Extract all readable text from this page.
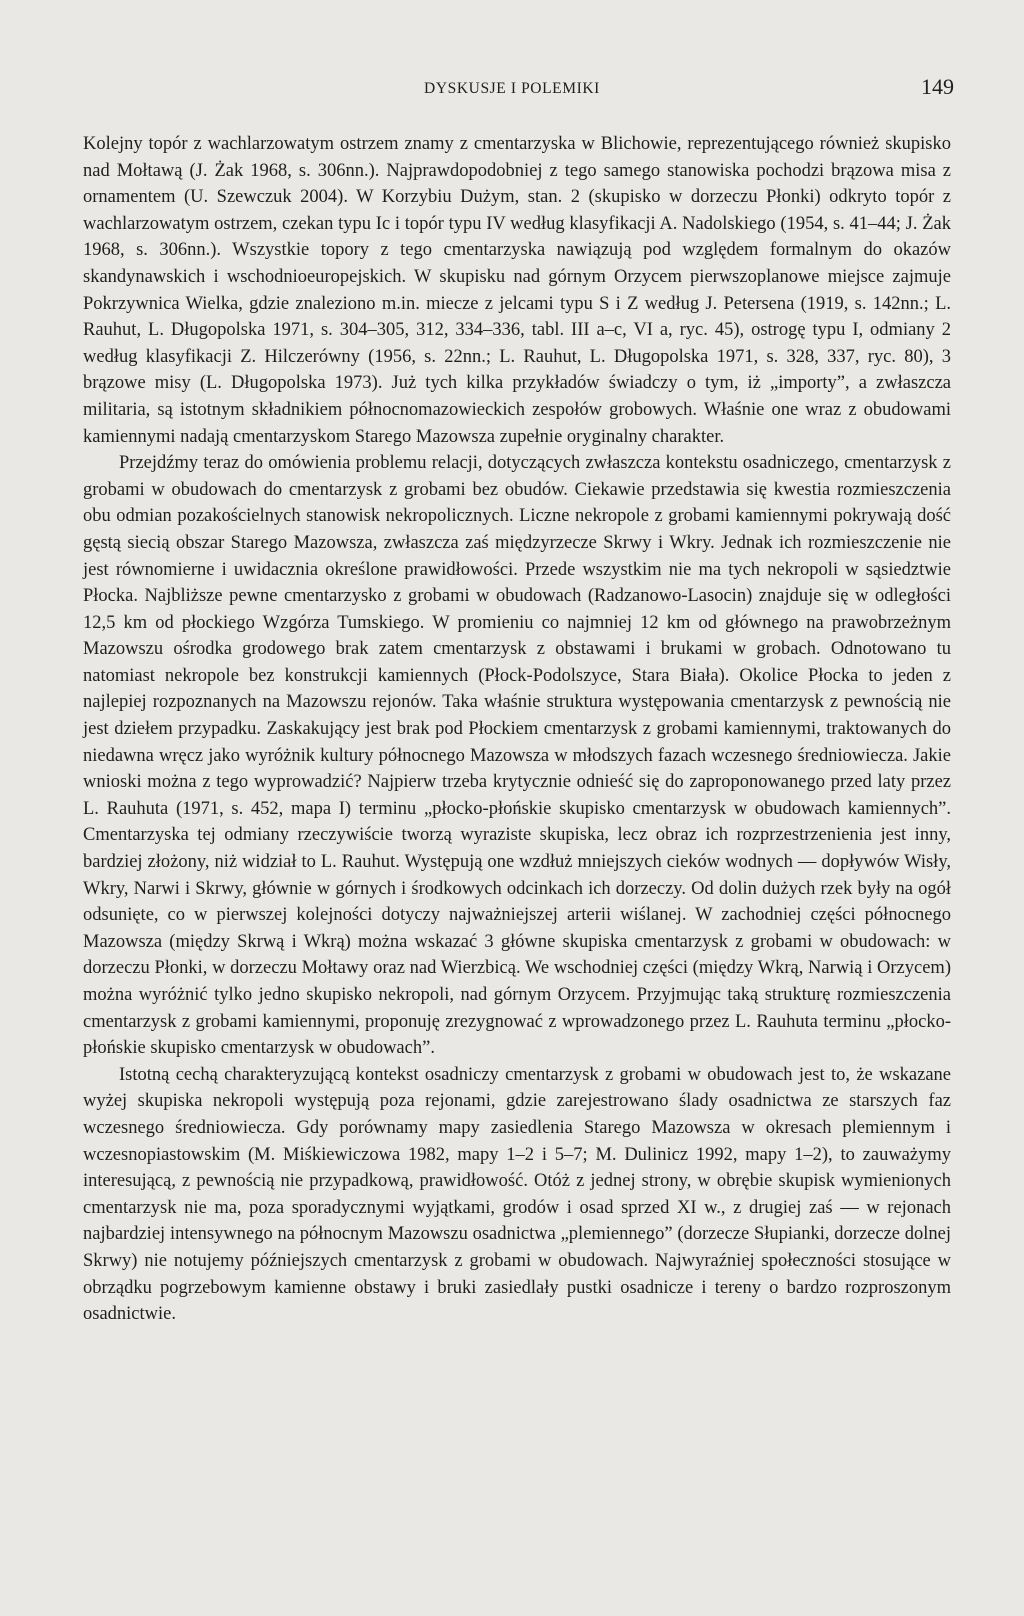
DYSKUSJE I POLEMIKI	149

Kolejny topór z wachlarzowatym ostrzem znamy z cmentarzyska w Blichowie, reprezentującego również skupisko nad Mołtawą (J. Żak 1968, s. 306nn.). Najprawdopodobniej z tego samego stanowiska pochodzi brązowa misa z ornamentem (U. Szewczuk 2004). W Korzybiu Dużym, stan. 2 (skupisko w dorzeczu Płonki) odkryto topór z wachlarzowatym ostrzem, czekan typu Ic i topór typu IV według klasyfikacji A. Nadolskiego (1954, s. 41–44; J. Żak 1968, s. 306nn.). Wszystkie topory z tego cmentarzyska nawiązują pod względem formalnym do okazów skandynawskich i wschodnioeuropejskich. W skupisku nad górnym Orzycem pierwszoplanowe miejsce zajmuje Pokrzywnica Wielka, gdzie znaleziono m.in. miecze z jelcami typu S i Z według J. Petersena (1919, s. 142nn.; L. Rauhut, L. Długopolska 1971, s. 304–305, 312, 334–336, tabl. III a–c, VI a, ryc. 45), ostrogę typu I, odmiany 2 według klasyfikacji Z. Hilczerówny (1956, s. 22nn.; L. Rauhut, L. Długopolska 1971, s. 328, 337, ryc. 80), 3 brązowe misy (L. Długopolska 1973). Już tych kilka przykładów świadczy o tym, iż „importy”, a zwłaszcza militaria, są istotnym składnikiem północnomazowieckich zespołów grobowych. Właśnie one wraz z obudowami kamiennymi nadają cmentarzyskom Starego Mazowsza zupełnie oryginalny charakter.

Przejdźmy teraz do omówienia problemu relacji, dotyczących zwłaszcza kontekstu osadniczego, cmentarzysk z grobami w obudowach do cmentarzysk z grobami bez obudów. Ciekawie przedstawia się kwestia rozmieszczenia obu odmian pozakościelnych stanowisk nekropolicznych. Liczne nekropole z grobami kamiennymi pokrywają dość gęstą siecią obszar Starego Mazowsza, zwłaszcza zaś międzyrzecze Skrwy i Wkry. Jednak ich rozmieszczenie nie jest równomierne i uwidacznia określone prawidłowości. Przede wszystkim nie ma tych nekropoli w sąsiedztwie Płocka. Najbliższe pewne cmentarzysko z grobami w obudowach (Radzanowo-Lasocin) znajduje się w odległości 12,5 km od płockiego Wzgórza Tumskiego. W promieniu co najmniej 12 km od głównego na prawobrzeżnym Mazowszu ośrodka grodowego brak zatem cmentarzysk z obstawami i brukami w grobach. Odnotowano tu natomiast nekropole bez konstrukcji kamiennych (Płock-Podolszyce, Stara Biała). Okolice Płocka to jeden z najlepiej rozpoznanych na Mazowszu rejonów. Taka właśnie struktura występowania cmentarzysk z pewnością nie jest dziełem przypadku. Zaskakujący jest brak pod Płockiem cmentarzysk z grobami kamiennymi, traktowanych do niedawna wręcz jako wyróżnik kultury północnego Mazowsza w młodszych fazach wczesnego średniowiecza. Jakie wnioski można z tego wyprowadzić? Najpierw trzeba krytycznie odnieść się do zaproponowanego przed laty przez L. Rauhuta (1971, s. 452, mapa I) terminu „płocko-płońskie skupisko cmentarzysk w obudowach kamiennych”. Cmentarzyska tej odmiany rzeczywiście tworzą wyraziste skupiska, lecz obraz ich rozprzestrzenienia jest inny, bardziej złożony, niż widział to L. Rauhut. Występują one wzdłuż mniejszych cieków wodnych — dopływów Wisły, Wkry, Narwi i Skrwy, głównie w górnych i środkowych odcinkach ich dorzeczy. Od dolin dużych rzek były na ogół odsunięte, co w pierwszej kolejności dotyczy najważniejszej arterii wiślanej. W zachodniej części północnego Mazowsza (między Skrwą i Wkrą) można wskazać 3 główne skupiska cmentarzysk z grobami w obudowach: w dorzeczu Płonki, w dorzeczu Mołtawy oraz nad Wierzbicą. We wschodniej części (między Wkrą, Narwią i Orzycem) można wyróżnić tylko jedno skupisko nekropoli, nad górnym Orzycem. Przyjmując taką strukturę rozmieszczenia cmentarzysk z grobami kamiennymi, proponuję zrezygnować z wprowadzonego przez L. Rauhuta terminu „płocko-płońskie skupisko cmentarzysk w obudowach”.

Istotną cechą charakteryzującą kontekst osadniczy cmentarzysk z grobami w obudowach jest to, że wskazane wyżej skupiska nekropoli występują poza rejonami, gdzie zarejestrowano ślady osadnictwa ze starszych faz wczesnego średniowiecza. Gdy porównamy mapy zasiedlenia Starego Mazowsza w okresach plemiennym i wczesnopiastowskim (M. Miśkiewiczowa 1982, mapy 1–2 i 5–7; M. Dulinicz 1992, mapy 1–2), to zauważymy interesującą, z pewnością nie przypadkową, prawidłowość. Otóż z jednej strony, w obrębie skupisk wymienionych cmentarzysk nie ma, poza sporadycznymi wyjątkami, grodów i osad sprzed XI w., z drugiej zaś — w rejonach najbardziej intensywnego na północnym Mazowszu osadnictwa „plemiennego” (dorzecze Słupianki, dorzecze dolnej Skrwy) nie notujemy późniejszych cmentarzysk z grobami w obudowach. Najwyraźniej społeczności stosujące w obrządku pogrzebowym kamienne obstawy i bruki zasiedlały pustki osadnicze i tereny o bardzo rozproszonym osadnictwie.
